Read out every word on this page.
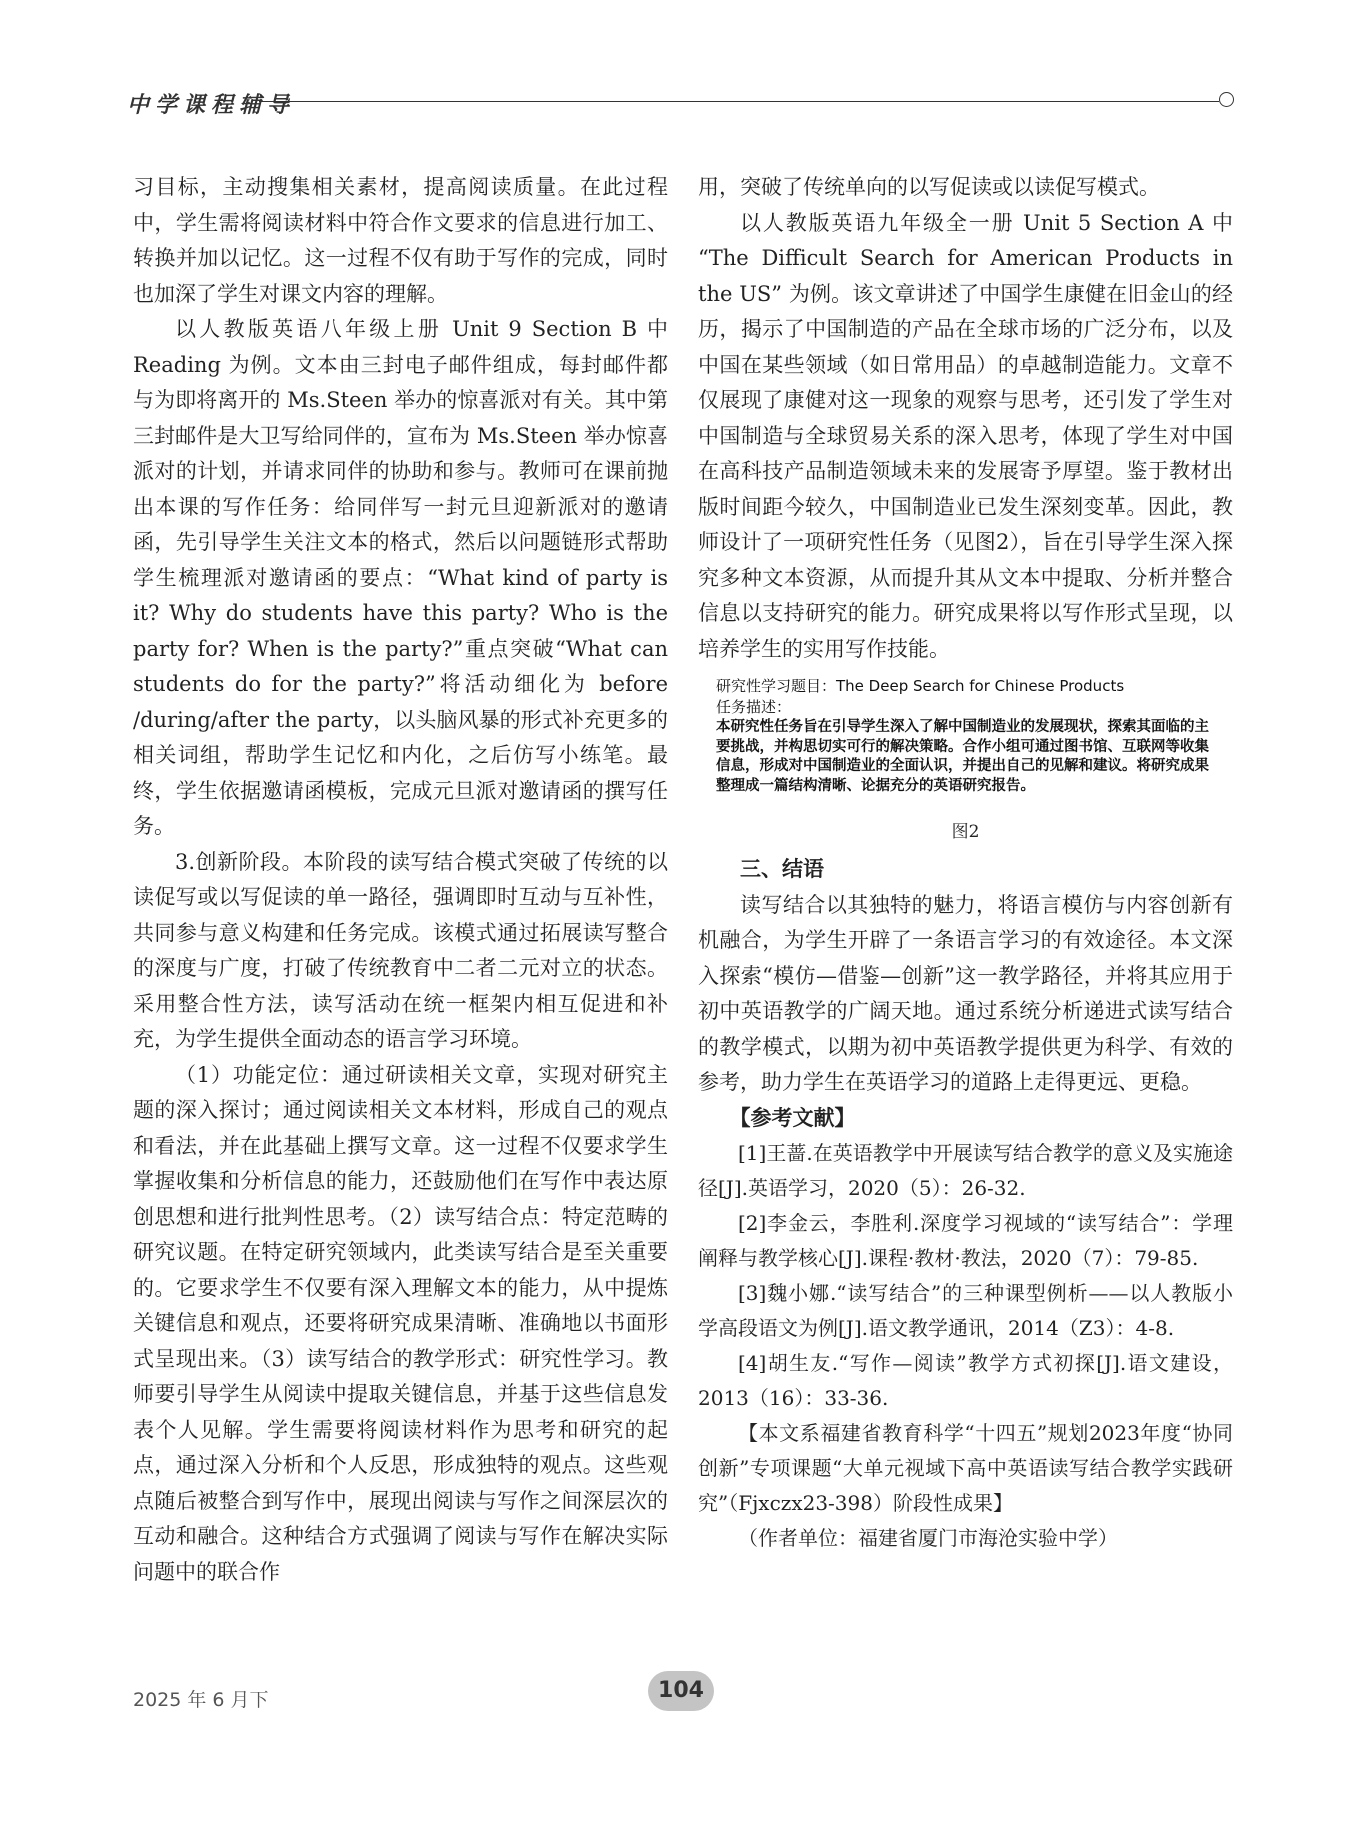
中学课程辅导

习目标，主动搜集相关素材，提高阅读质量。在此过程中，学生需将阅读材料中符合作文要求的信息进行加工、转换并加以记忆。这一过程不仅有助于写作的完成，同时也加深了学生对课文内容的理解。

以人教版英语八年级上册 Unit 9 Section B 中 Reading 为例。文本由三封电子邮件组成，每封邮件都与为即将离开的 Ms.Steen 举办的惊喜派对有关。其中第三封邮件是大卫写给同伴的，宣布为 Ms.Steen 举办惊喜派对的计划，并请求同伴的协助和参与。教师可在课前抛出本课的写作任务：给同伴写一封元旦迎新派对的邀请函，先引导学生关注文本的格式，然后以问题链形式帮助学生梳理派对邀请函的要点：“What kind of party is it? Why do students have this party? Who is the party for? When is the party?”重点突破“What can students do for the party?”将活动细化为 before /during/after the party，以头脑风暴的形式补充更多的相关词组，帮助学生记忆和内化，之后仿写小练笔。最终，学生依据邀请函模板，完成元旦派对邀请函的撰写任务。

3.创新阶段。本阶段的读写结合模式突破了传统的以读促写或以写促读的单一路径，强调即时互动与互补性，共同参与意义构建和任务完成。该模式通过拓展读写整合的深度与广度，打破了传统教育中二者二元对立的状态。采用整合性方法，读写活动在统一框架内相互促进和补充，为学生提供全面动态的语言学习环境。

（1）功能定位：通过研读相关文章，实现对研究主题的深入探讨；通过阅读相关文本材料，形成自己的观点和看法，并在此基础上撰写文章。这一过程不仅要求学生掌握收集和分析信息的能力，还鼓励他们在写作中表达原创思想和进行批判性思考。（2）读写结合点：特定范畴的研究议题。在特定研究领域内，此类读写结合是至关重要的。它要求学生不仅要有深入理解文本的能力，从中提炼关键信息和观点，还要将研究成果清晰、准确地以书面形式呈现出来。（3）读写结合的教学形式：研究性学习。教师要引导学生从阅读中提取关键信息，并基于这些信息发表个人见解。学生需要将阅读材料作为思考和研究的起点，通过深入分析和个人反思，形成独特的观点。这些观点随后被整合到写作中，展现出阅读与写作之间深层次的互动和融合。这种结合方式强调了阅读与写作在解决实际问题中的联合作

用，突破了传统单向的以写促读或以读促写模式。

以人教版英语九年级全一册 Unit 5 Section A 中 “The Difficult Search for American Products in the US” 为例。该文章讲述了中国学生康健在旧金山的经历，揭示了中国制造的产品在全球市场的广泛分布，以及中国在某些领域（如日常用品）的卓越制造能力。文章不仅展现了康健对这一现象的观察与思考，还引发了学生对中国制造与全球贸易关系的深入思考，体现了学生对中国在高科技产品制造领域未来的发展寄予厚望。鉴于教材出版时间距今较久，中国制造业已发生深刻变革。因此，教师设计了一项研究性任务（见图2），旨在引导学生深入探究多种文本资源，从而提升其从文本中提取、分析并整合信息以支持研究的能力。研究成果将以写作形式呈现，以培养学生的实用写作技能。

研究性学习题目：The Deep Search for Chinese Products
任务描述：
本研究性任务旨在引导学生深入了解中国制造业的发展现状，探索其面临的主要挑战，并构思切实可行的解决策略。合作小组可通过图书馆、互联网等收集信息，形成对中国制造业的全面认识，并提出自己的见解和建议。将研究成果整理成一篇结构清晰、论据充分的英语研究报告。
图2

三、结语

读写结合以其独特的魅力，将语言模仿与内容创新有机融合，为学生开辟了一条语言学习的有效途径。本文深入探索“模仿—借鉴—创新”这一教学路径，并将其应用于初中英语教学的广阔天地。通过系统分析递进式读写结合的教学模式，以期为初中英语教学提供更为科学、有效的参考，助力学生在英语学习的道路上走得更远、更稳。

【参考文献】

[1]王蔷.在英语教学中开展读写结合教学的意义及实施途径[J].英语学习，2020（5）：26-32.

[2]李金云，李胜利.深度学习视域的“读写结合”：学理阐释与教学核心[J].课程·教材·教法，2020（7）：79-85.

[3]魏小娜.“读写结合”的三种课型例析——以人教版小学高段语文为例[J].语文教学通讯，2014（Z3）：4-8.

[4]胡生友.“写作—阅读”教学方式初探[J].语文建设，2013（16）：33-36.

【本文系福建省教育科学“十四五”规划2023年度“协同创新”专项课题“大单元视域下高中英语读写结合教学实践研究”（Fjxczx23-398）阶段性成果】

（作者单位：福建省厦门市海沧实验中学）

2025 年 6 月下	104
